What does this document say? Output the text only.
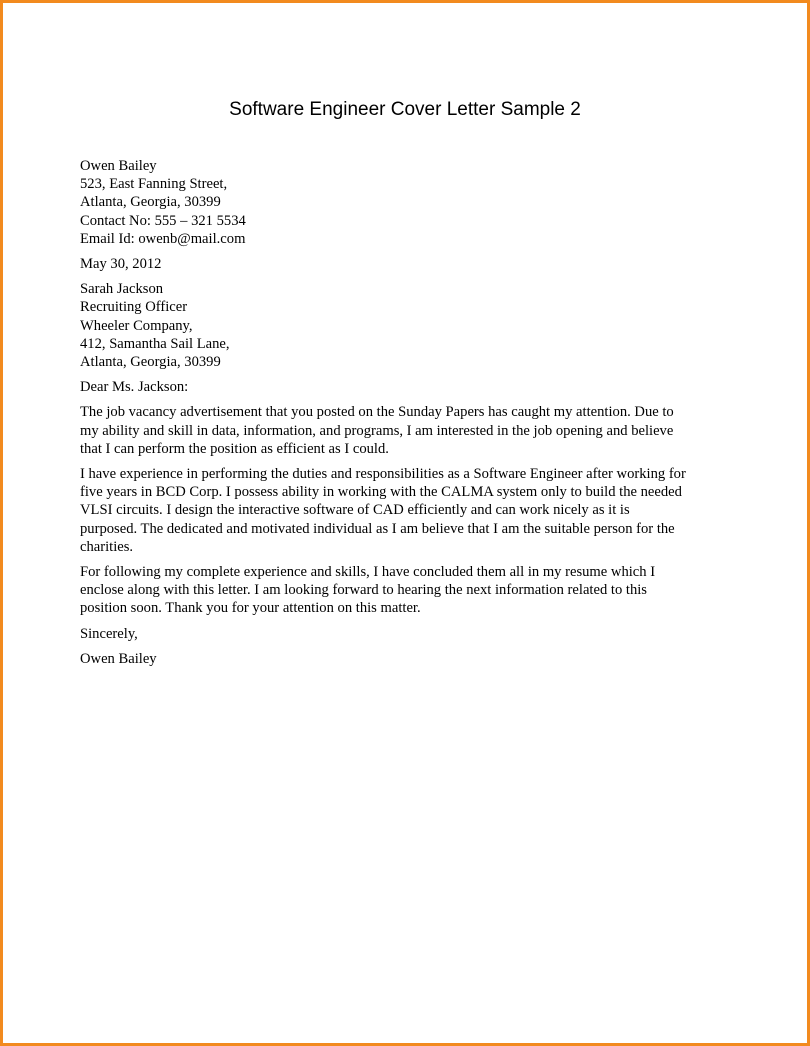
Software Engineer Cover Letter Sample 2
Owen Bailey
523, East Fanning Street,
Atlanta, Georgia, 30399
Contact No: 555 – 321 5534
Email Id: owenb@mail.com
May 30, 2012
Sarah Jackson
Recruiting Officer
Wheeler Company,
412, Samantha Sail Lane,
Atlanta, Georgia, 30399
Dear Ms. Jackson:
The job vacancy advertisement that you posted on the Sunday Papers has caught my attention. Due to
my ability and skill in data, information, and programs, I am interested in the job opening and believe
that I can perform the position as efficient as I could.
I have experience in performing the duties and responsibilities as a Software Engineer after working for
five years in BCD Corp. I possess ability in working with the CALMA system only to build the needed
VLSI circuits. I design the interactive software of CAD efficiently and can work nicely as it is
purposed. The dedicated and motivated individual as I am believe that I am the suitable person for the
charities.
For following my complete experience and skills, I have concluded them all in my resume which I
enclose along with this letter. I am looking forward to hearing the next information related to this
position soon. Thank you for your attention on this matter.
Sincerely,
Owen Bailey
